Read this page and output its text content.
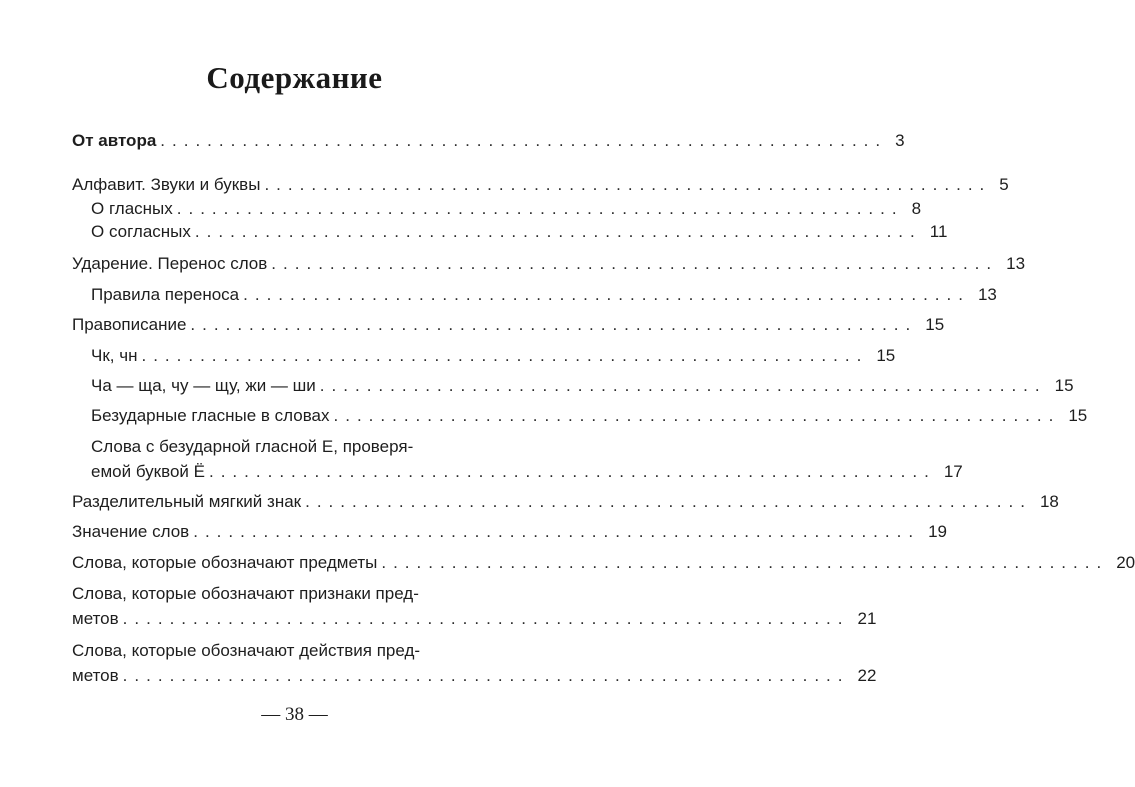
Содержание
От автора .............................................................. 3
Алфавит. Звуки и буквы .............................................................. 5
О гласных .............................................................. 8
О согласных .............................................................. 11
Ударение. Перенос слов .............................................................. 13
Правила переноса .............................................................. 13
Правописание .............................................................. 15
Чк, чн .............................................................. 15
Ча — ща, чу — щу, жи — ши .............................................................. 15
Безударные гласные в словах .............................................................. 15
Слова с безударной гласной Е, проверя-
емой буквой Ё .............................................................. 17
Разделительный мягкий знак .............................................................. 18
Значение слов .............................................................. 19
Слова, которые обозначают предметы .............................................................. 20
Слова, которые обозначают признаки пред-
метов .............................................................. 21
Слова, которые обозначают действия пред-
метов .............................................................. 22
— 38 —
